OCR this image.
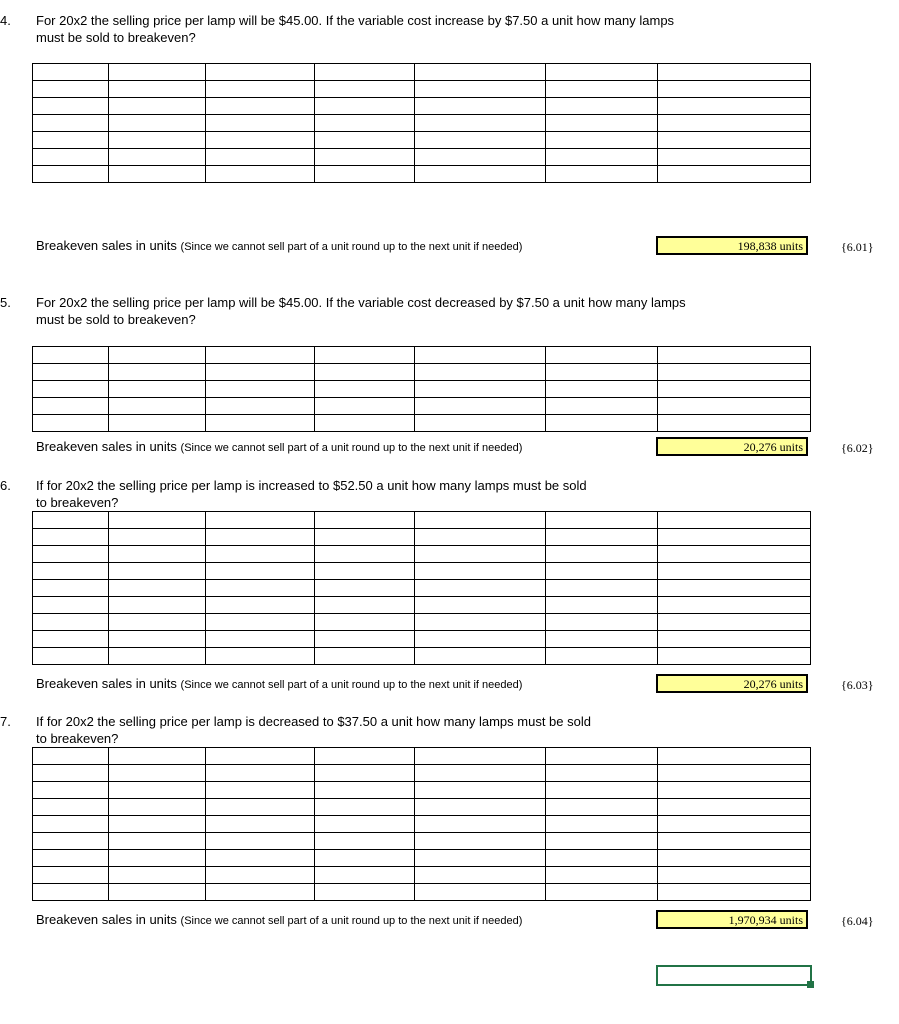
4. For 20x2 the selling price per lamp will be $45.00. If the variable cost increase by $7.50 a unit how many lamps
must be sold to breakeven?

Breakeven sales in units (Since we cannot sell part of a unit round up to the next unit if needed)	198,838 units	{6.01}
5. For 20x2 the selling price per lamp will be $45.00. If the variable cost decreased by $7.50 a unit how many lamps
must be sold to breakeven?

Breakeven sales in units (Since we cannot sell part of a unit round up to the next unit if needed)	20,276 units	{6.02}
6. If for 20x2 the selling price per lamp is increased to $52.50 a unit how many lamps must be sold
to breakeven?

Breakeven sales in units (Since we cannot sell part of a unit round up to the next unit if needed)	20,276 units	{6.03}
7. If for 20x2 the selling price per lamp is decreased to $37.50 a unit how many lamps must be sold
to breakeven?

Breakeven sales in units (Since we cannot sell part of a unit round up to the next unit if needed)	1,970,934 units	{6.04}
